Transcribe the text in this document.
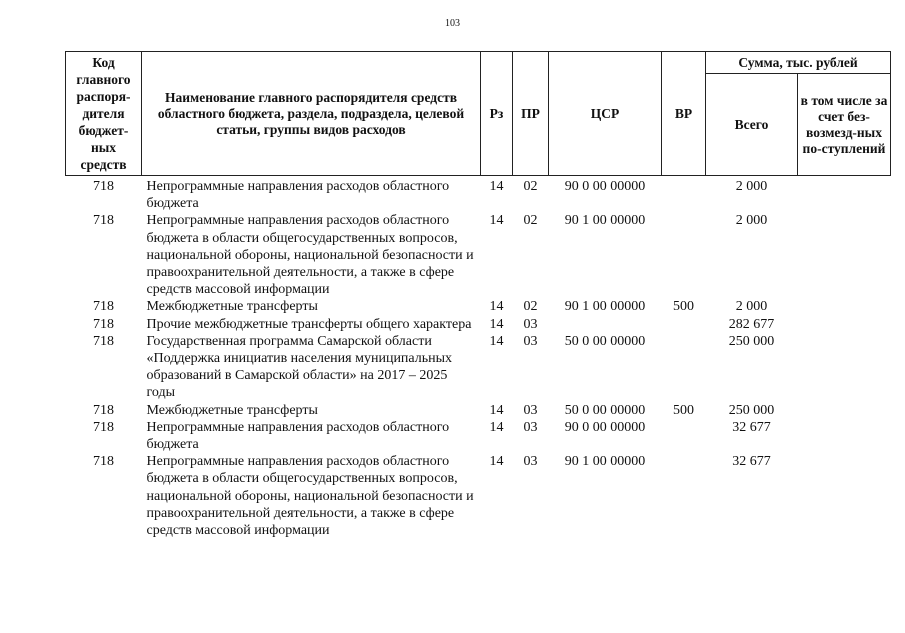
103
Код главного распоря-дителя бюджет-ных средств	Наименование главного распорядителя средств областного бюджета, раздела, подраздела, целевой статьи, группы видов расходов	Рз	ПР	ЦСР	ВР	Сумма, тыс. рублей	
						Всего	в том числе за счет без-возмезд-ных по-ступлений
718	Непрограммные направления расходов областного бюджета	14	02	90 0 00 00000		2 000	
718	Непрограммные направления расходов областного бюджета в области общегосударственных вопросов, национальной обороны, национальной безопасности и правоохранительной деятельности, а также в сфере средств массовой информации	14	02	90 1 00 00000		2 000	
718	Межбюджетные трансферты	14	02	90 1 00 00000	500	2 000	
718	Прочие межбюджетные трансферты общего характера	14	03			282 677	
718	Государственная программа Самарской области «Поддержка инициатив населения муниципальных образований в Самарской области» на 2017 – 2025 годы	14	03	50 0 00 00000		250 000	
718	Межбюджетные трансферты	14	03	50 0 00 00000	500	250 000	
718	Непрограммные направления расходов областного бюджета	14	03	90 0 00 00000		32 677	
718	Непрограммные направления расходов областного бюджета в области общегосударственных вопросов, национальной обороны, национальной безопасности и правоохранительной деятельности, а также в сфере средств массовой информации	14	03	90 1 00 00000		32 677	
